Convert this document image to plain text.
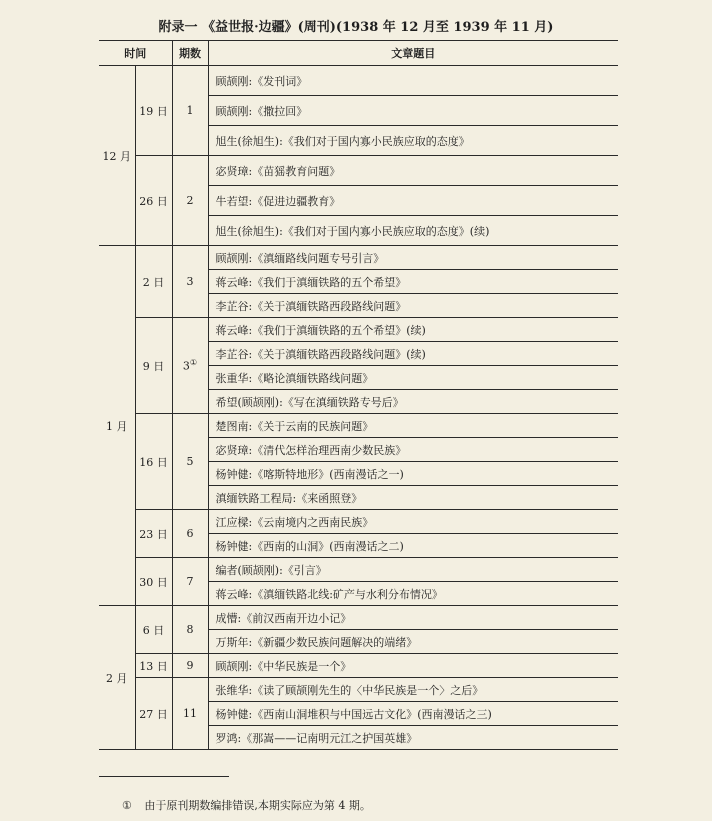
附录一 《益世报·边疆》(周刊)(1938 年 12 月至 1939 年 11 月)
时间		期数	文章题目
12 月	19 日	1	顾颉刚:《发刊词》
			顾颉刚:《撒拉回》
			旭生(徐旭生):《我们对于国内寡小民族应取的态度》
	26 日	2	宓贤璋:《苗猺教育问题》
			牛若望:《促进边疆教育》
			旭生(徐旭生):《我们对于国内寡小民族应取的态度》(续)
1 月	2 日	3	顾颉刚:《滇缅路线问题专号引言》
			蒋云峰:《我们于滇缅铁路的五个希望》
			李芷谷:《关于滇缅铁路西段路线问题》
	9 日	3①	蒋云峰:《我们于滇缅铁路的五个希望》(续)
			李芷谷:《关于滇缅铁路西段路线问题》(续)
			张重华:《略论滇缅铁路线问题》
			希望(顾颉刚):《写在滇缅铁路专号后》
	16 日	5	楚图南:《关于云南的民族问题》
			宓贤璋:《清代怎样治理西南少数民族》
			杨钟健:《喀斯特地形》(西南漫话之一)
			滇缅铁路工程局:《来函照登》
	23 日	6	江应樑:《云南境内之西南民族》
			杨钟健:《西南的山洞》(西南漫话之二)
	30 日	7	编者(顾颉刚):《引言》
			蒋云峰:《滇缅铁路北线:矿产与水利分布情况》
2 月	6 日	8	成懵:《前汉西南开边小记》
			万斯年:《新疆少数民族问题解决的端绪》
	13 日	9	顾颉刚:《中华民族是一个》
	27 日	11	张维华:《读了顾颉刚先生的〈中华民族是一个〉之后》
			杨钟健:《西南山洞堆积与中国远古文化》(西南漫话之三)
			罗鸿:《那嵩——记南明元江之护国英雄》
① 由于原刊期数编排错误,本期实际应为第 4 期。
